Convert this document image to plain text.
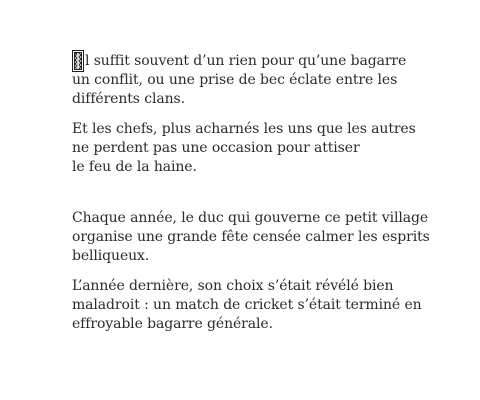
l suffit souvent d’un rien pour qu’une bagarre
un conflit, ou une prise de bec éclate entre les
différents clans.

Et les chefs, plus acharnés les uns que les autres
ne perdent pas une occasion pour attiser
le feu de la haine.

Chaque année, le duc qui gouverne ce petit village
organise une grande fête censée calmer les esprits
belliqueux.

L’année dernière, son choix s’était révélé bien
maladroit : un match de cricket s’était terminé en
effroyable bagarre générale.
